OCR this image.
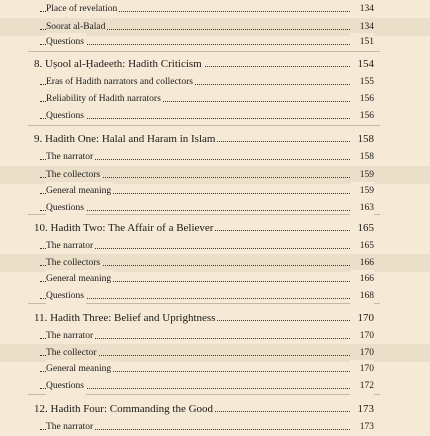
Place of revelation	134
Soorat al-Balad	134
Questions	151
8. Uṣool al-Ḥadeeth: Hadith Criticism	154
Eras of Hadith narrators and collectors	155
Reliability of Hadith narrators	156
Questions	156
9. Hadith One: Halal and Haram in Islam	158
The narrator	158
The collectors	159
General meaning	159
Questions	163
10. Hadith Two: The Affair of a Believer	165
The narrator	165
The collectors	166
General meaning	166
Questions	168
11. Hadith Three: Belief and Uprightness	170
The narrator	170
The collector	170
General meaning	170
Questions	172
12. Hadith Four: Commanding the Good	173
The narrator	173
